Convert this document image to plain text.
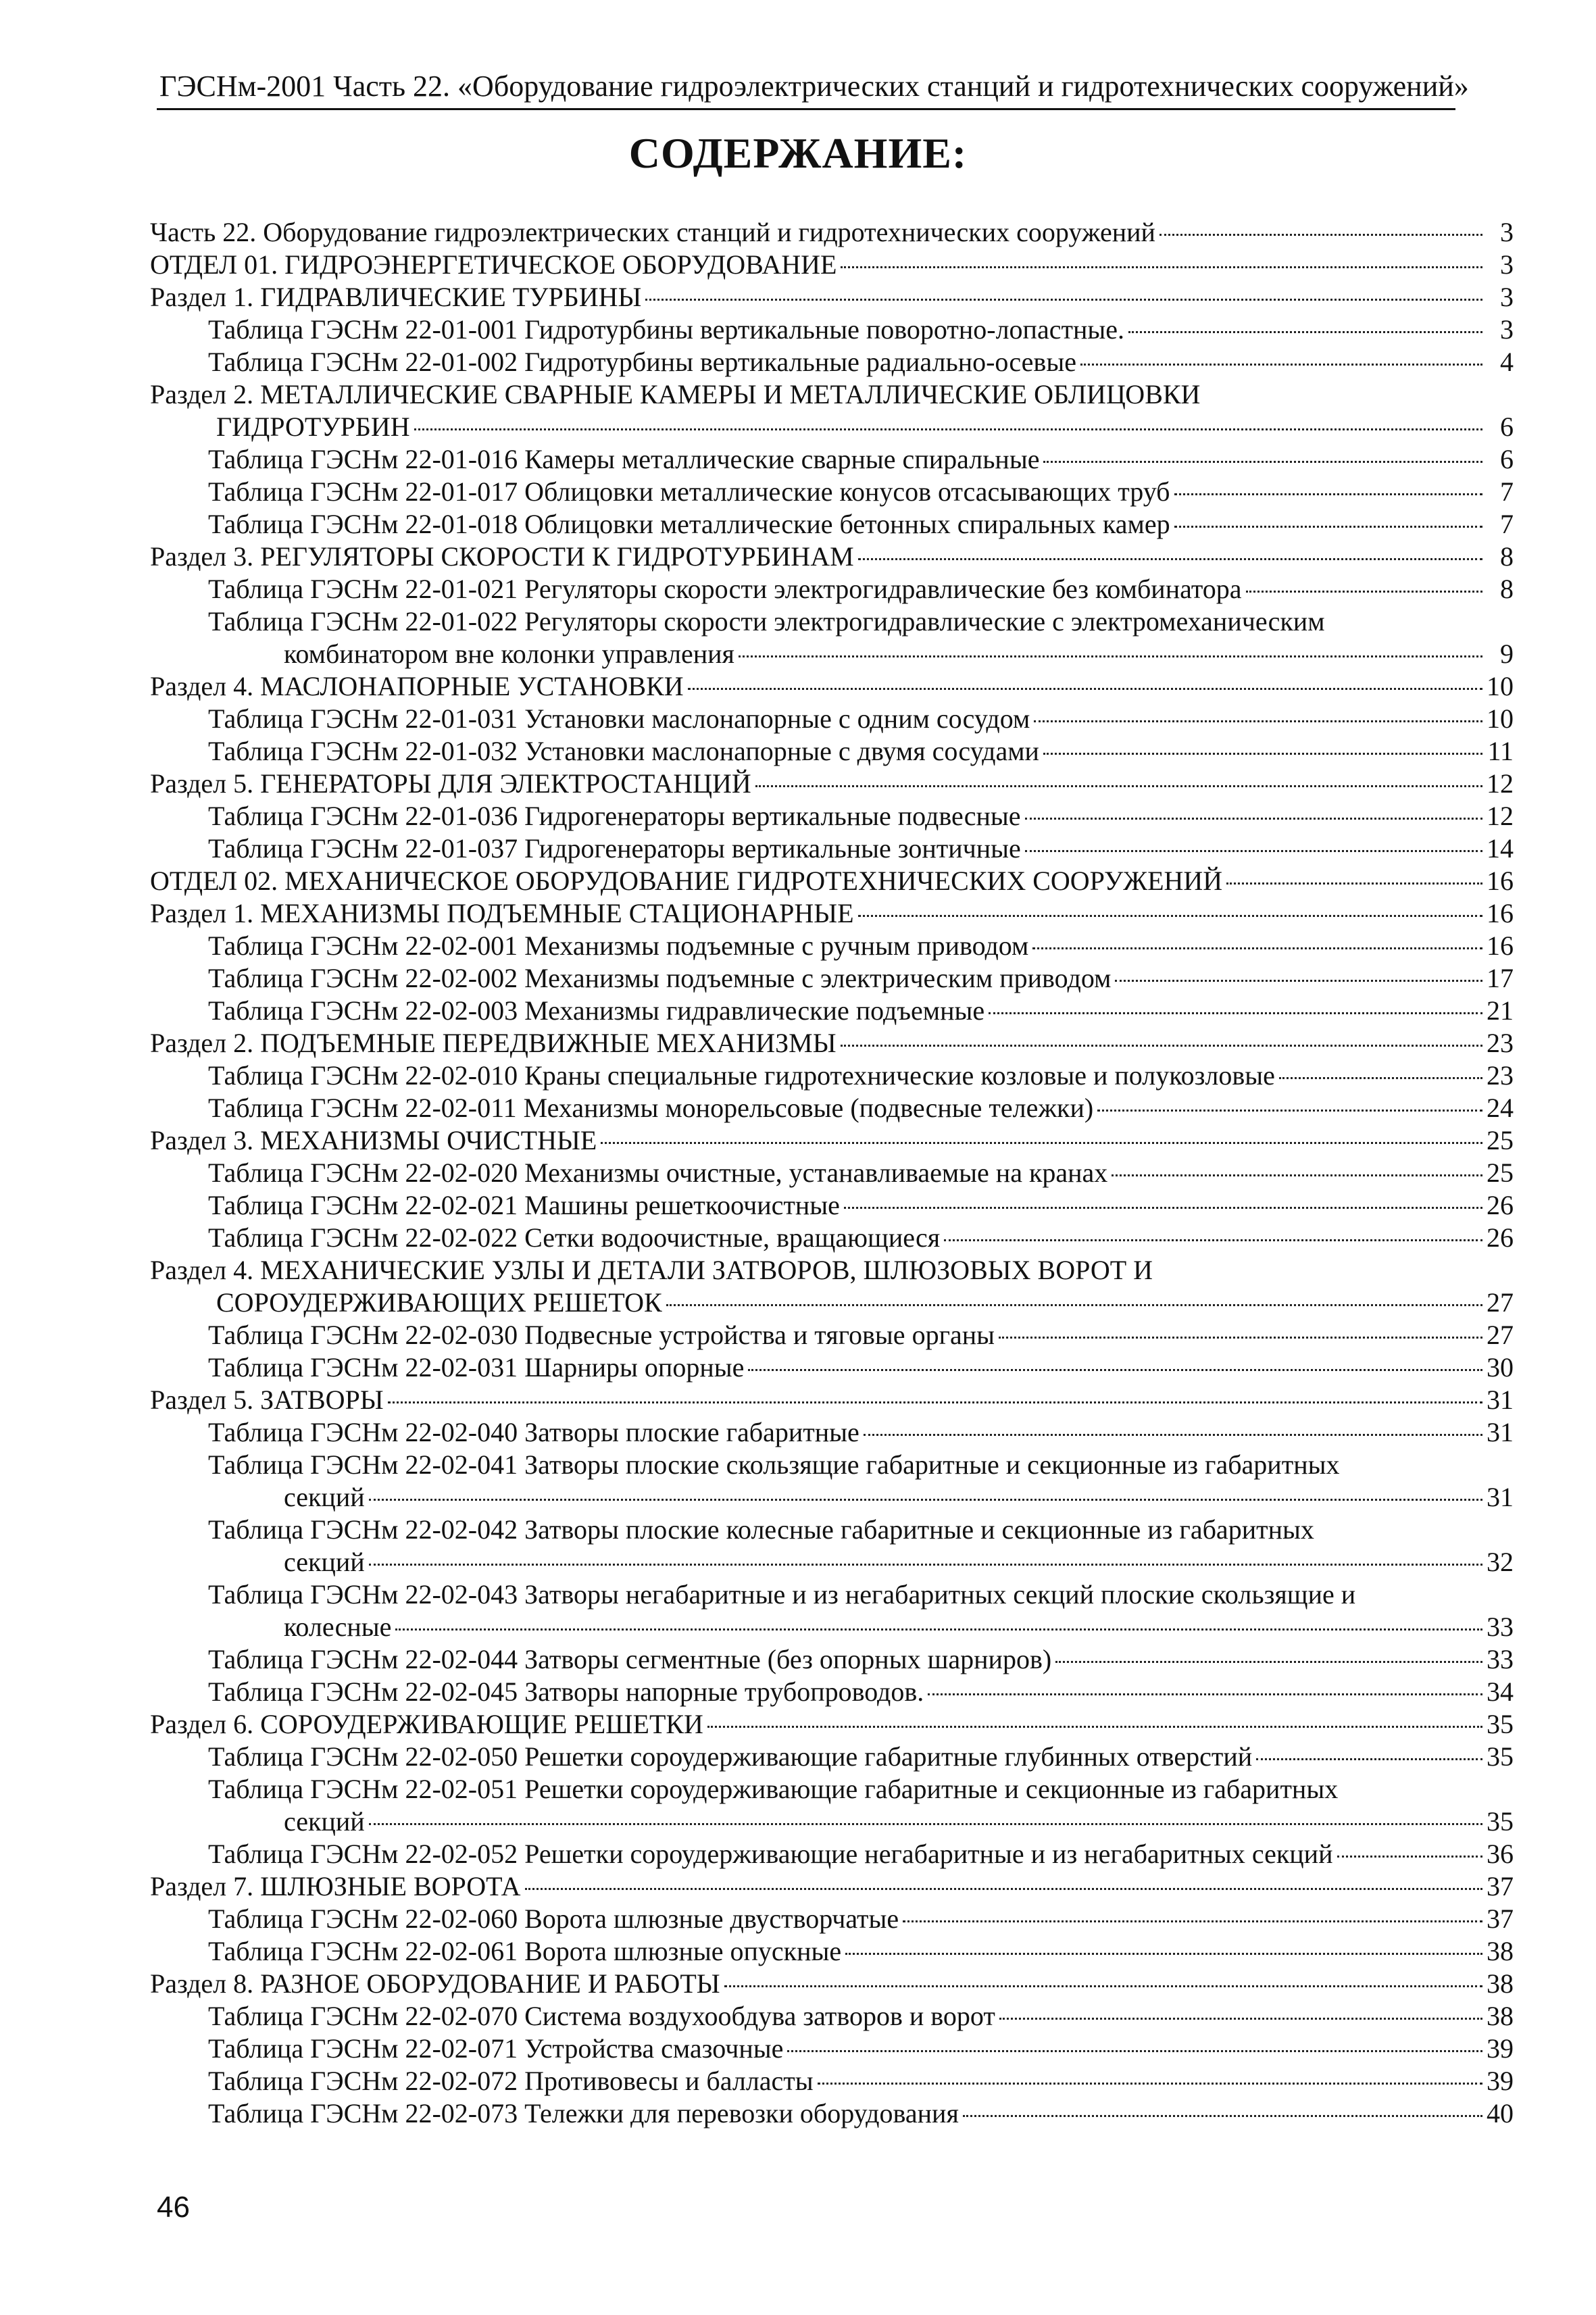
ГЭСНм-2001 Часть 22. «Оборудование гидроэлектрических станций и гидротехнических сооружений»
СОДЕРЖАНИЕ:
Часть 22. Оборудование гидроэлектрических станций и гидротехнических сооружений	3
ОТДЕЛ 01. ГИДРОЭНЕРГЕТИЧЕСКОЕ ОБОРУДОВАНИЕ	3
Раздел 1. ГИДРАВЛИЧЕСКИЕ ТУРБИНЫ	3
Таблица ГЭСНм 22-01-001 Гидротурбины вертикальные поворотно-лопастные.	3
Таблица ГЭСНм 22-01-002 Гидротурбины вертикальные радиально-осевые	4
Раздел 2. МЕТАЛЛИЧЕСКИЕ СВАРНЫЕ КАМЕРЫ И МЕТАЛЛИЧЕСКИЕ ОБЛИЦОВКИ
ГИДРОТУРБИН	6
Таблица ГЭСНм 22-01-016 Камеры металлические сварные спиральные	6
Таблица ГЭСНм 22-01-017 Облицовки металлические конусов отсасывающих труб	7
Таблица ГЭСНм 22-01-018 Облицовки металлические бетонных спиральных камер	7
Раздел 3. РЕГУЛЯТОРЫ СКОРОСТИ К ГИДРОТУРБИНАМ	8
Таблица ГЭСНм 22-01-021 Регуляторы скорости электрогидравлические без комбинатора	8
Таблица ГЭСНм 22-01-022 Регуляторы скорости электрогидравлические с электромеханическим
комбинатором вне колонки управления	9
Раздел 4. МАСЛОНАПОРНЫЕ УСТАНОВКИ	10
Таблица ГЭСНм 22-01-031 Установки маслонапорные с одним сосудом	10
Таблица ГЭСНм 22-01-032 Установки маслонапорные с двумя сосудами	11
Раздел 5. ГЕНЕРАТОРЫ ДЛЯ ЭЛЕКТРОСТАНЦИЙ	12
Таблица ГЭСНм 22-01-036 Гидрогенераторы вертикальные подвесные	12
Таблица ГЭСНм 22-01-037 Гидрогенераторы вертикальные зонтичные	14
ОТДЕЛ 02. МЕХАНИЧЕСКОЕ ОБОРУДОВАНИЕ ГИДРОТЕХНИЧЕСКИХ СООРУЖЕНИЙ	16
Раздел 1. МЕХАНИЗМЫ ПОДЪЕМНЫЕ СТАЦИОНАРНЫЕ	16
Таблица ГЭСНм 22-02-001 Механизмы подъемные с ручным приводом	16
Таблица ГЭСНм 22-02-002 Механизмы подъемные с электрическим приводом	17
Таблица ГЭСНм 22-02-003 Механизмы гидравлические подъемные	21
Раздел 2. ПОДЪЕМНЫЕ ПЕРЕДВИЖНЫЕ МЕХАНИЗМЫ	23
Таблица ГЭСНм 22-02-010 Краны специальные гидротехнические козловые и полукозловые	23
Таблица ГЭСНм 22-02-011 Механизмы монорельсовые (подвесные тележки)	24
Раздел 3. МЕХАНИЗМЫ ОЧИСТНЫЕ	25
Таблица ГЭСНм 22-02-020 Механизмы очистные, устанавливаемые на кранах	25
Таблица ГЭСНм 22-02-021 Машины решеткоочистные	26
Таблица ГЭСНм 22-02-022 Сетки водоочистные, вращающиеся	26
Раздел 4. МЕХАНИЧЕСКИЕ УЗЛЫ И ДЕТАЛИ ЗАТВОРОВ, ШЛЮЗОВЫХ ВОРОТ И
СОРОУДЕРЖИВАЮЩИХ РЕШЕТОК	27
Таблица ГЭСНм 22-02-030 Подвесные устройства и тяговые органы	27
Таблица ГЭСНм 22-02-031 Шарниры опорные	30
Раздел 5. ЗАТВОРЫ	31
Таблица ГЭСНм 22-02-040 Затворы плоские габаритные	31
Таблица ГЭСНм 22-02-041 Затворы плоские скользящие габаритные и секционные из габаритных
секций	31
Таблица ГЭСНм 22-02-042 Затворы плоские колесные габаритные и секционные из габаритных
секций	32
Таблица ГЭСНм 22-02-043 Затворы негабаритные и из негабаритных секций плоские скользящие и
колесные	33
Таблица ГЭСНм 22-02-044 Затворы сегментные (без опорных шарниров)	33
Таблица ГЭСНм 22-02-045 Затворы напорные трубопроводов.	34
Раздел 6. СОРОУДЕРЖИВАЮЩИЕ РЕШЕТКИ	35
Таблица ГЭСНм 22-02-050 Решетки сороудерживающие габаритные глубинных отверстий	35
Таблица ГЭСНм 22-02-051 Решетки сороудерживающие габаритные и секционные из габаритных
секций	35
Таблица ГЭСНм 22-02-052 Решетки сороудерживающие негабаритные и из негабаритных секций	36
Раздел 7. ШЛЮЗНЫЕ ВОРОТА	37
Таблица ГЭСНм 22-02-060 Ворота шлюзные двустворчатые	37
Таблица ГЭСНм 22-02-061 Ворота шлюзные опускные	38
Раздел 8. РАЗНОЕ ОБОРУДОВАНИЕ И РАБОТЫ	38
Таблица ГЭСНм 22-02-070 Система воздухообдува затворов и ворот	38
Таблица ГЭСНм 22-02-071 Устройства смазочные	39
Таблица ГЭСНм 22-02-072 Противовесы и балласты	39
Таблица ГЭСНм 22-02-073 Тележки для перевозки оборудования	40
46
